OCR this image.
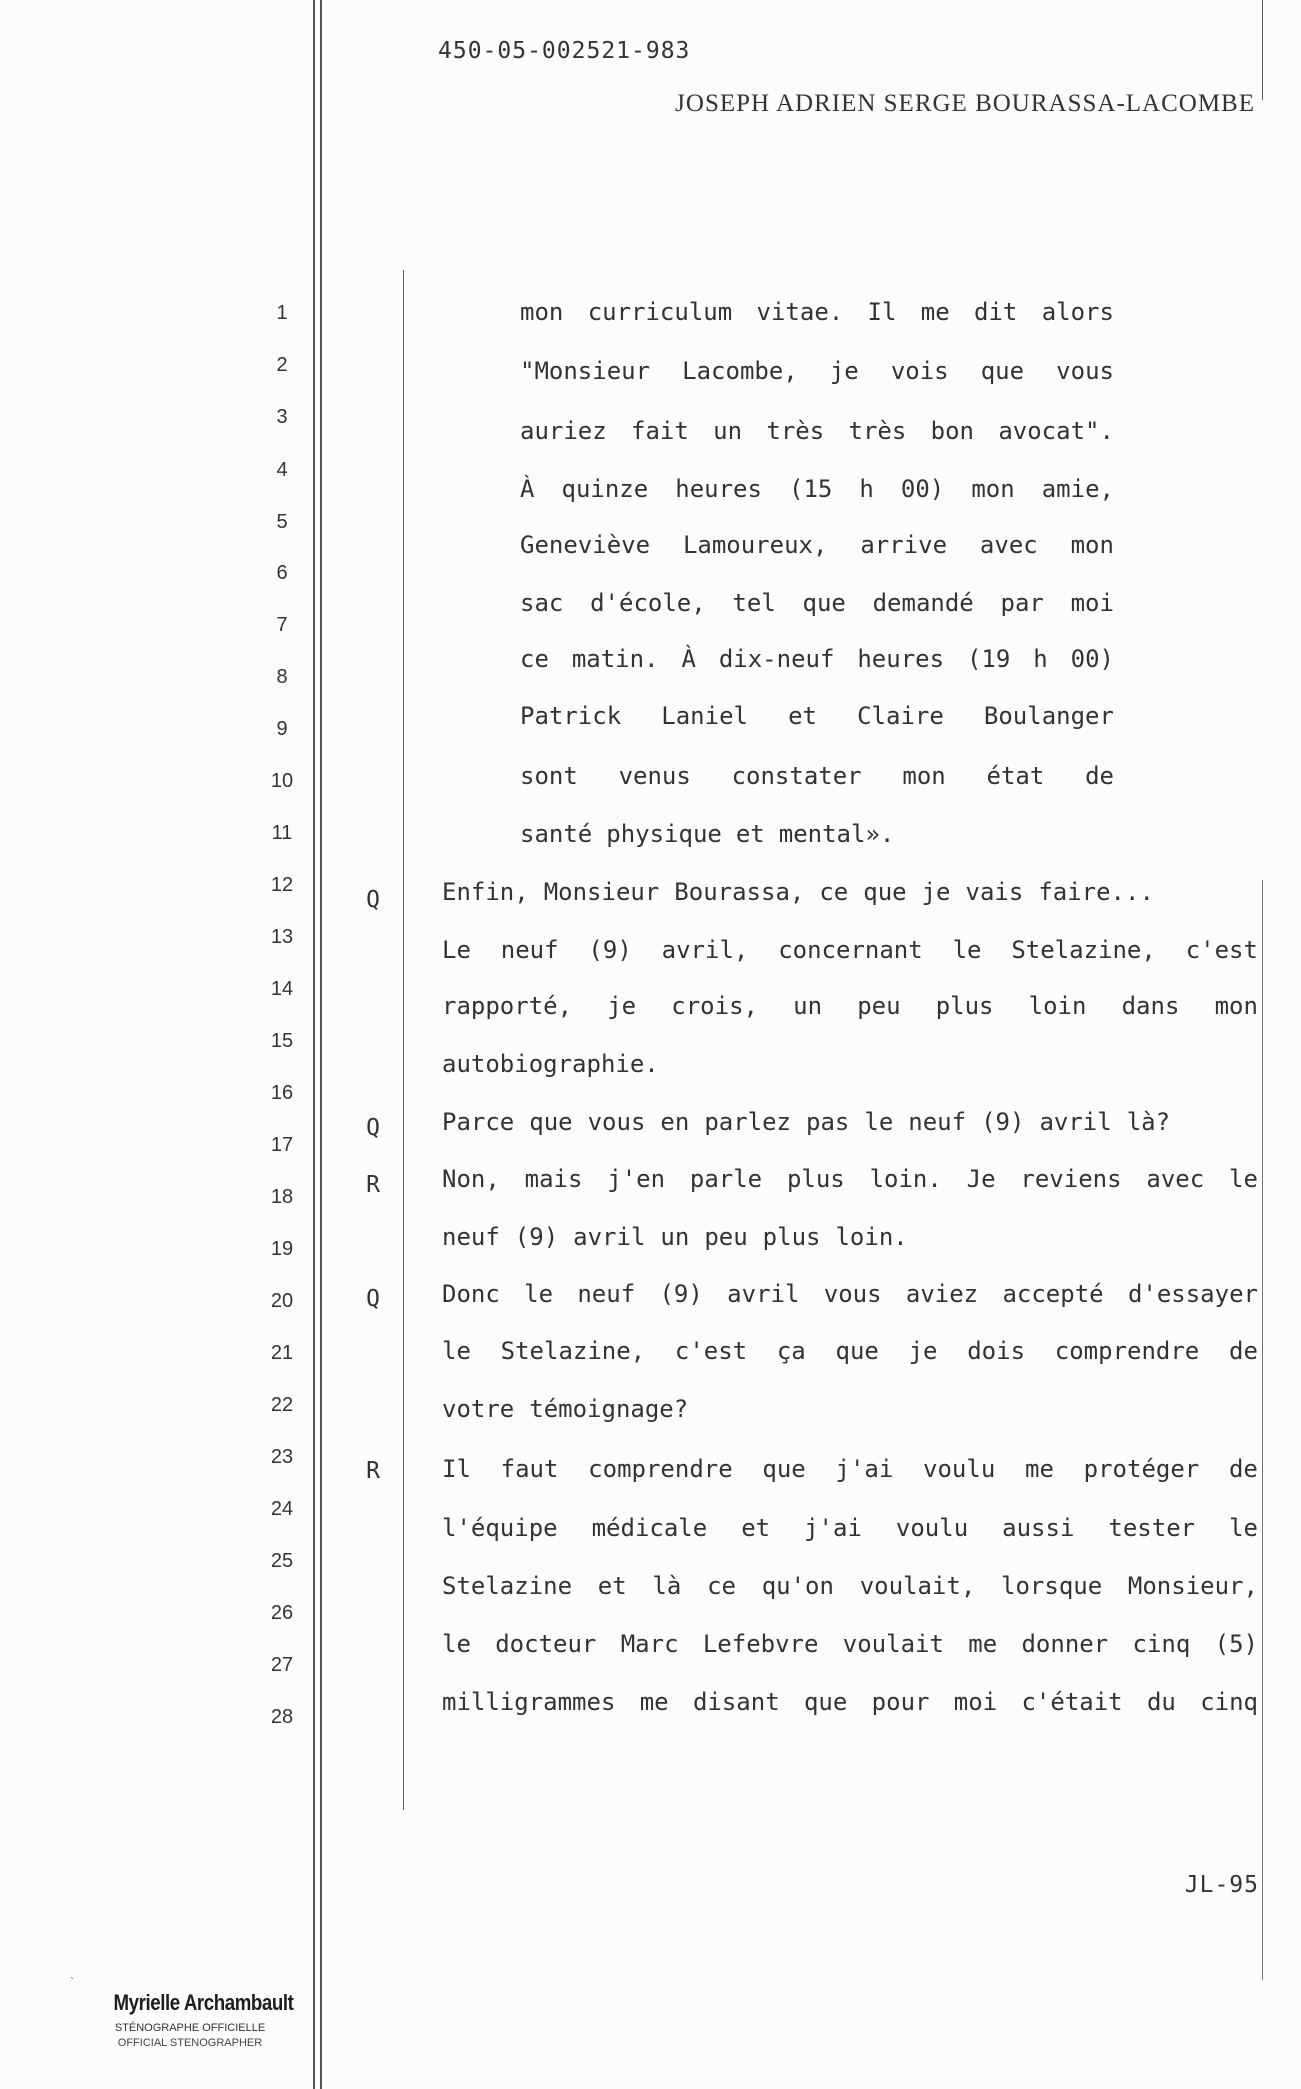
450-05-002521-983
JOSEPH ADRIEN SERGE BOURASSA-LACOMBE
1
2
3
4
5
6
7
8
9
10
11
12
13
14
15
16
17
18
19
20
21
22
23
24
25
26
27
28
Q
Q
R
Q
R
mon curriculum vitae. Il me dit alors
"Monsieur Lacombe, je vois que vous
auriez fait un très très bon avocat".
À quinze heures (15 h 00) mon amie,
Geneviève Lamoureux, arrive avec mon
sac d'école, tel que demandé par moi
ce matin. À dix-neuf heures (19 h 00)
Patrick Laniel et Claire Boulanger
sont venus constater mon état de
santé physique et mental».
Enfin, Monsieur Bourassa, ce que je vais faire...
Le neuf (9) avril, concernant le Stelazine, c'est
rapporté, je crois, un peu plus loin dans mon
autobiographie.
Parce que vous en parlez pas le neuf (9) avril là?
Non, mais j'en parle plus loin. Je reviens avec le
neuf (9) avril un peu plus loin.
Donc le neuf (9) avril vous aviez accepté d'essayer
le Stelazine, c'est ça que je dois comprendre de
votre témoignage?
Il faut comprendre que j'ai voulu me protéger de
l'équipe médicale et j'ai voulu aussi tester le
Stelazine et là ce qu'on voulait, lorsque Monsieur,
le docteur Marc Lefebvre voulait me donner cinq (5)
milligrammes me disant que pour moi c'était du cinq
JL-95
`
Myrielle Archambault
STÉNOGRAPHE OFFICIELLE
OFFICIAL STENOGRAPHER
